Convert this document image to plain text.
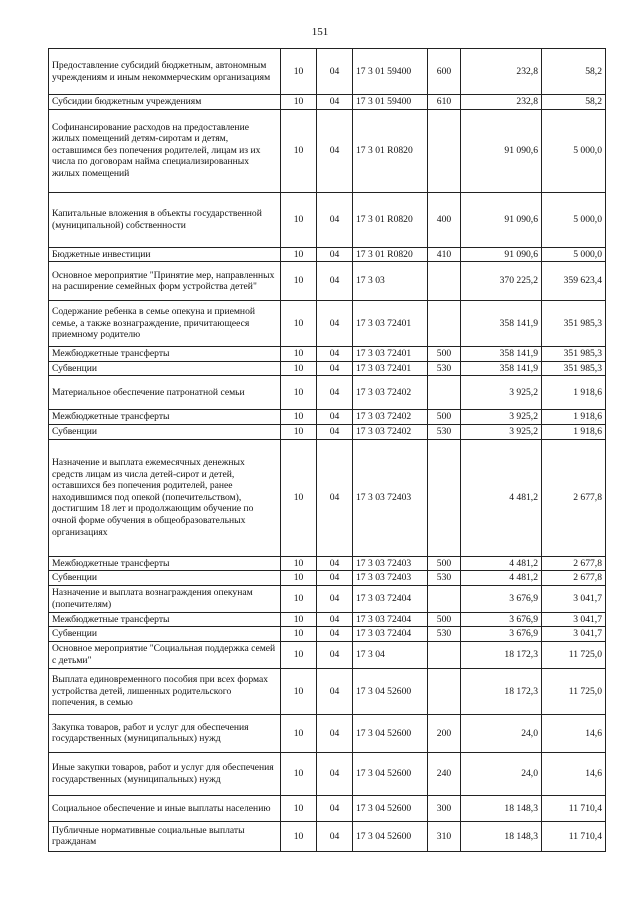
151
Предоставление субсидий бюджетным, автономным учреждениям и иным некоммерческим организациям	10	04	17 3 01 59400	600	232,8	58,2
Субсидии бюджетным учреждениям	10	04	17 3 01 59400	610	232,8	58,2
Софинансирование расходов на предоставление жилых помещений детям-сиротам и детям, оставшимся без попечения родителей, лицам из их числа по договорам найма специализированных жилых помещений	10	04	17 3 01 R0820		91 090,6	5 000,0
Капитальные вложения в объекты государственной (муниципальной) собственности	10	04	17 3 01 R0820	400	91 090,6	5 000,0
Бюджетные инвестиции	10	04	17 3 01 R0820	410	91 090,6	5 000,0
Основное мероприятие "Принятие мер, направленных на расширение семейных форм устройства детей"	10	04	17 3 03		370 225,2	359 623,4
Содержание ребенка в семье опекуна и приемной семье, а также вознаграждение, причитающееся приемному родителю	10	04	17 3 03 72401		358 141,9	351 985,3
Межбюджетные трансферты	10	04	17 3 03 72401	500	358 141,9	351 985,3
Субвенции	10	04	17 3 03 72401	530	358 141,9	351 985,3
Материальное обеспечение патронатной семьи	10	04	17 3 03 72402		3 925,2	1 918,6
Межбюджетные трансферты	10	04	17 3 03 72402	500	3 925,2	1 918,6
Субвенции	10	04	17 3 03 72402	530	3 925,2	1 918,6
Назначение и выплата ежемесячных денежных средств лицам из числа детей-сирот и детей, оставшихся без попечения родителей, ранее находившимся под опекой (попечительством), достигшим 18 лет и продолжающим обучение по очной форме обучения в общеобразовательных организациях	10	04	17 3 03 72403		4 481,2	2 677,8
Межбюджетные трансферты	10	04	17 3 03 72403	500	4 481,2	2 677,8
Субвенции	10	04	17 3 03 72403	530	4 481,2	2 677,8
Назначение и выплата вознаграждения опекунам (попечителям)	10	04	17 3 03 72404		3 676,9	3 041,7
Межбюджетные трансферты	10	04	17 3 03 72404	500	3 676,9	3 041,7
Субвенции	10	04	17 3 03 72404	530	3 676,9	3 041,7
Основное мероприятие "Социальная поддержка семей с детьми"	10	04	17 3 04		18 172,3	11 725,0
Выплата единовременного пособия при всех формах устройства детей, лишенных родительского попечения, в семью	10	04	17 3 04 52600		18 172,3	11 725,0
Закупка товаров, работ и услуг для обеспечения государственных (муниципальных) нужд	10	04	17 3 04 52600	200	24,0	14,6
Иные закупки товаров, работ и услуг для обеспечения государственных (муниципальных) нужд	10	04	17 3 04 52600	240	24,0	14,6
Социальное обеспечение и иные выплаты населению	10	04	17 3 04 52600	300	18 148,3	11 710,4
Публичные нормативные социальные выплаты гражданам	10	04	17 3 04 52600	310	18 148,3	11 710,4
